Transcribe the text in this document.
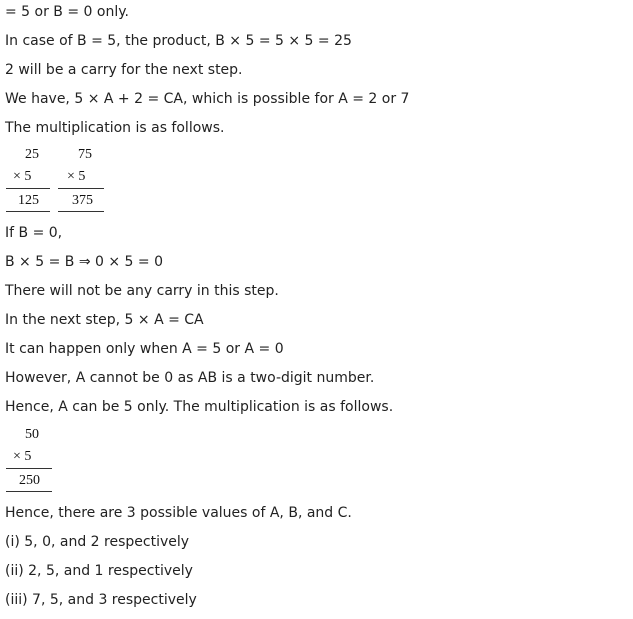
= 5 or B = 0 only.
In case of B = 5, the product, B × 5 = 5 × 5 = 25
2 will be a carry for the next step.
We have, 5 × A + 2 = CA, which is possible for A = 2 or 7
The multiplication is as follows.
25
× 5
125
75
× 5
375
If B = 0,
B × 5 = B ⇒ 0 × 5 = 0
There will not be any carry in this step.
In the next step, 5 × A = CA
It can happen only when A = 5 or A = 0
However, A cannot be 0 as AB is a two-digit number.
Hence, A can be 5 only. The multiplication is as follows.
50
× 5
250
Hence, there are 3 possible values of A, B, and C.
(i) 5, 0, and 2 respectively
(ii) 2, 5, and 1 respectively
(iii) 7, 5, and 3 respectively
